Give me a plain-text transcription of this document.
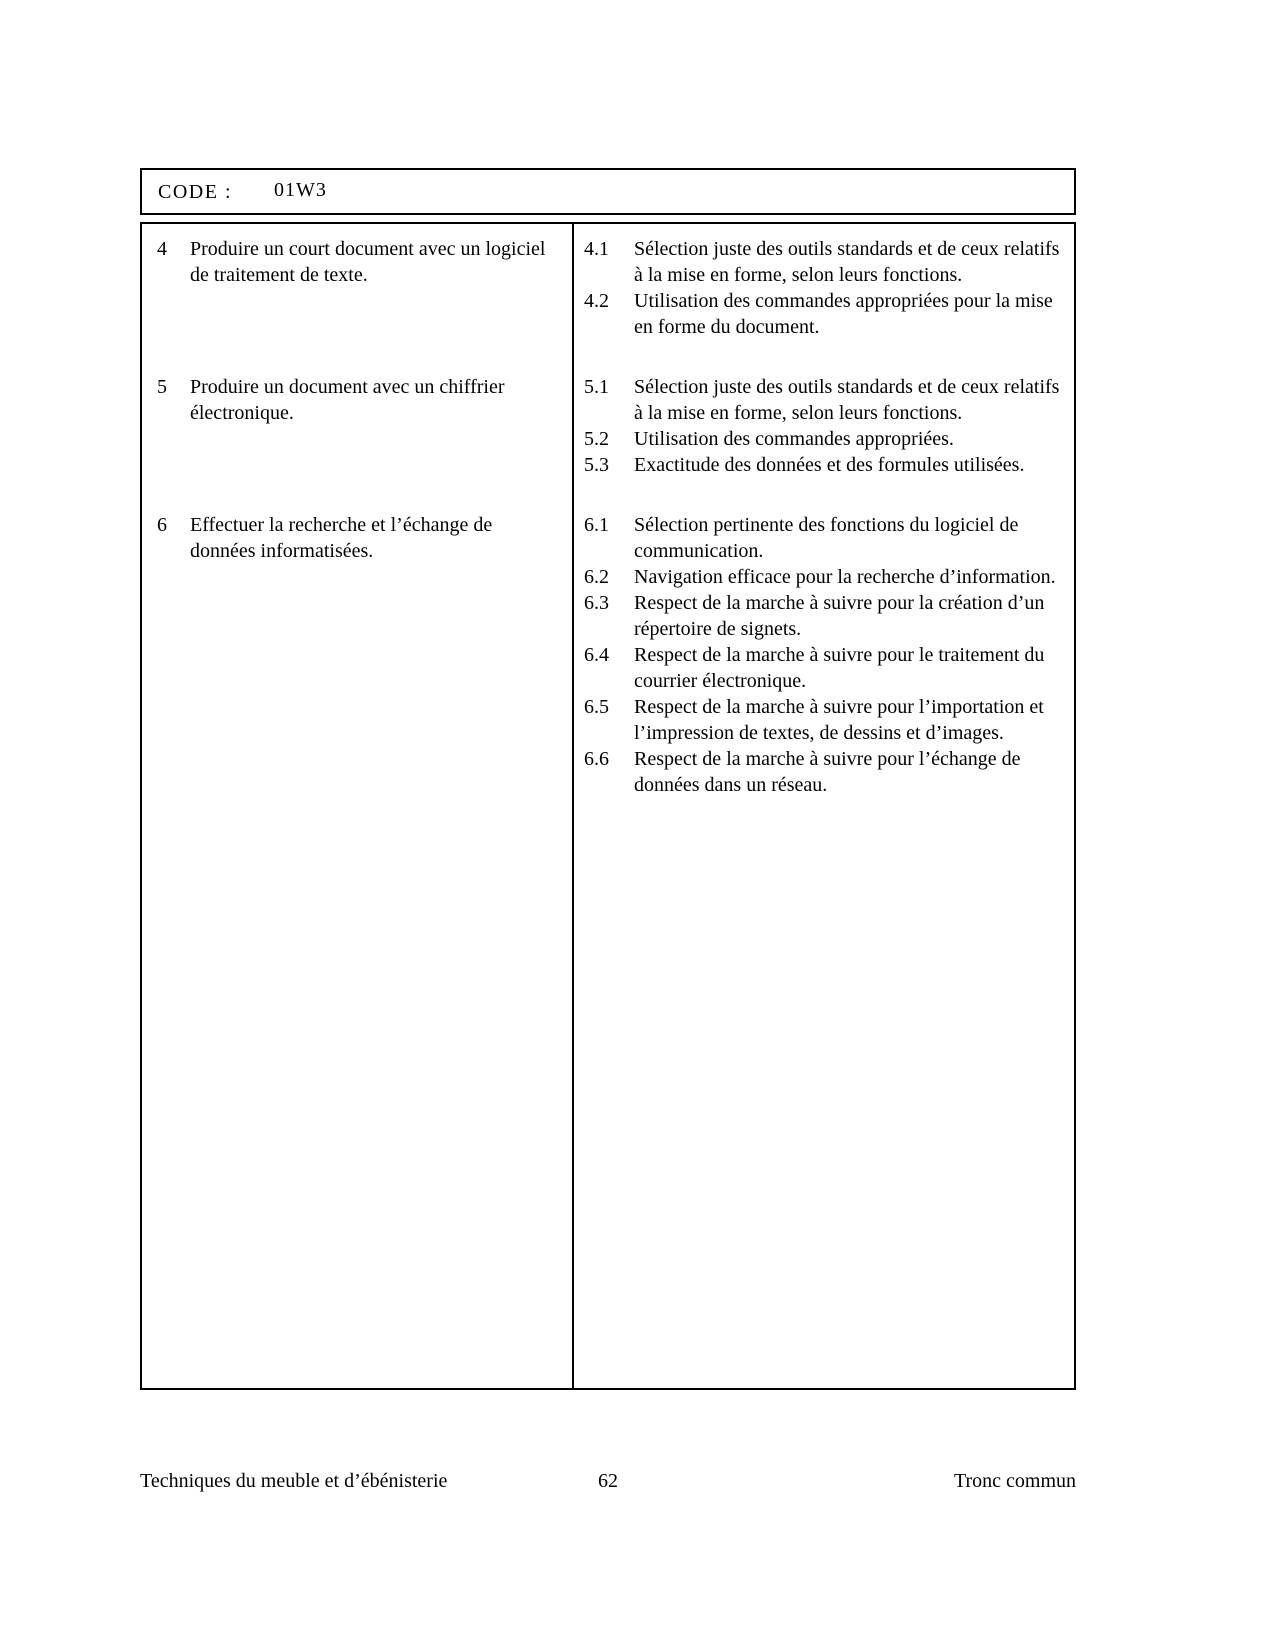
CODE : 01W3
4	Produire un court document avec un logiciel de traitement de texte.
4.1	Sélection juste des outils standards et de ceux relatifs à la mise en forme, selon leurs fonctions.
4.2	Utilisation des commandes appropriées pour la mise en forme du document.
5	Produire un document avec un chiffrier électronique.
5.1	Sélection juste des outils standards et de ceux relatifs à la mise en forme, selon leurs fonctions.
5.2	Utilisation des commandes appropriées.
5.3	Exactitude des données et des formules utilisées.
6	Effectuer la recherche et l’échange de données informatisées.
6.1	Sélection pertinente des fonctions du logiciel de communication.
6.2	Navigation efficace pour la recherche d’information.
6.3	Respect de la marche à suivre pour la création d’un répertoire de signets.
6.4	Respect de la marche à suivre pour le traitement du courrier électronique.
6.5	Respect de la marche à suivre pour l’importation et l’impression de textes, de dessins et d’images.
6.6	Respect de la marche à suivre pour l’échange de données dans un réseau.
Techniques du meuble et d’ébénisterie	62	Tronc commun
